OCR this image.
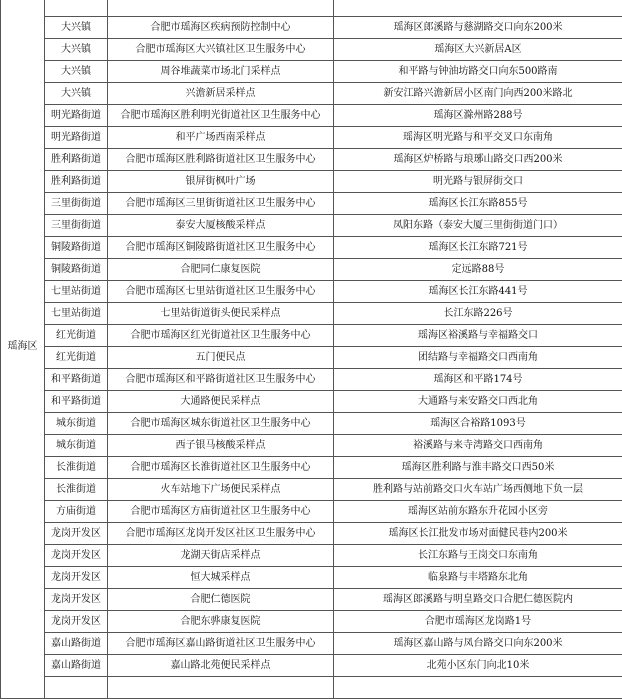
瑶海区			
	大兴镇	合肥市瑶海区疾病预防控制中心	瑶海区郎溪路与慈湖路交口向东200米
	大兴镇	合肥市瑶海区大兴镇社区卫生服务中心	瑶海区大兴新居A区
	大兴镇	周谷堆蔬菜市场北门采样点	和平路与钟油坊路交口向东500路南
	大兴镇	兴澹新居采样点	新安江路兴澹新居小区南门向西200米路北
	明光路街道	合肥市瑶海区胜利明光街道社区卫生服务中心	瑶海区滁州路288号
	明光路街道	和平广场西南采样点	瑶海区明光路与和平交叉口东南角
	胜利路街道	合肥市瑶海区胜利路街道社区卫生服务中心	瑶海区炉桥路与琅琊山路交口西200米
	胜利路街道	银屏街枫叶广场	明光路与银屏街交口
	三里街街道	合肥市瑶海区三里街街道社区卫生服务中心	瑶海区长江东路855号
	三里街街道	泰安大厦核酸采样点	凤阳东路（泰安大厦三里街街道门口）
	铜陵路街道	合肥市瑶海区铜陵路街道社区卫生服务中心	瑶海区长江东路721号
	铜陵路街道	合肥同仁康复医院	定远路88号
	七里站街道	合肥市瑶海区七里站街道社区卫生服务中心	瑶海区长江东路441号
	七里站街道	七里站街道街头便民采样点	长江东路226号
	红光街道	合肥市瑶海区红光街道社区卫生服务中心	瑶海区裕溪路与幸福路交口
	红光街道	五门便民点	团结路与幸福路交口西南角
	和平路街道	合肥市瑶海区和平路街道社区卫生服务中心	瑶海区和平路174号
	和平路街道	大通路便民采样点	大通路与来安路交口西北角
	城东街道	合肥市瑶海区城东街道社区卫生服务中心	瑶海区合裕路1093号
	城东街道	西子银马核酸采样点	裕溪路与来寺湾路交口西南角
	长淮街道	合肥市瑶海区长淮街道社区卫生服务中心	瑶海区胜利路与淮丰路交口西50米
	长淮街道	火车站地下广场便民采样点	胜利路与站前路交口火车站广场西侧地下负一层
	方庙街道	合肥市瑶海区方庙街道社区卫生服务中心	瑶海区站前东路东升花园小区旁
	龙岗开发区	合肥市瑶海区龙岗开发区社区卫生服务中心	瑶海区长江批发市场对面健民巷内200米
	龙岗开发区	龙湖天街店采样点	长江东路与王岗交口东南角
	龙岗开发区	恒大城采样点	临泉路与丰塔路东北角
	龙岗开发区	合肥仁德医院	瑶海区郎溪路与明皇路交口合肥仁德医院内
	龙岗开发区	合肥东骅康复医院	合肥市瑶海区龙岗路1号
	嘉山路街道	合肥市瑶海区嘉山路街道社区卫生服务中心	瑶海区嘉山路与凤台路交口向东200米
	嘉山路街道	嘉山路北苑便民采样点	北苑小区东门向北10米
